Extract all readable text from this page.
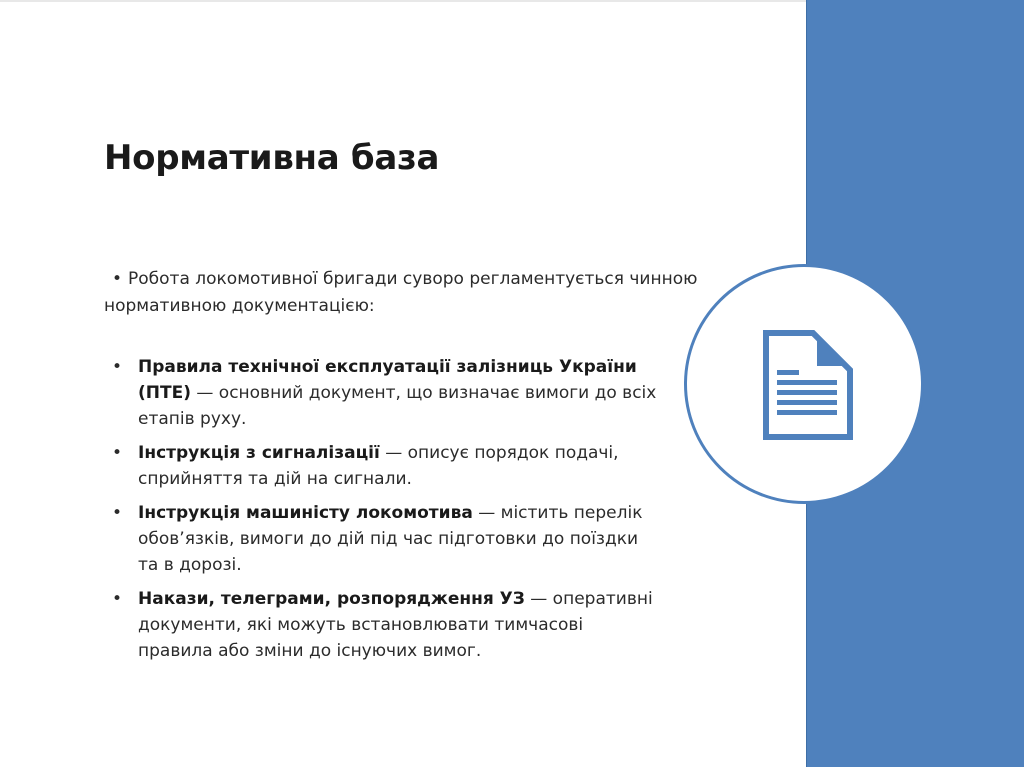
Нормативна база

• Робота локомотивної бригади суворо регламентується чинною нормативною документацією:

• Правила технічної експлуатації залізниць України (ПТЕ) — основний документ, що визначає вимоги до всіх етапів руху.
• Інструкція з сигналізації — описує порядок подачі, сприйняття та дій на сигнали.
• Інструкція машиністу локомотива — містить перелік обов’язків, вимоги до дій під час підготовки до поїздки та в дорозі.
• Накази, телеграми, розпорядження УЗ — оперативні документи, які можуть встановлювати тимчасові правила або зміни до існуючих вимог.
